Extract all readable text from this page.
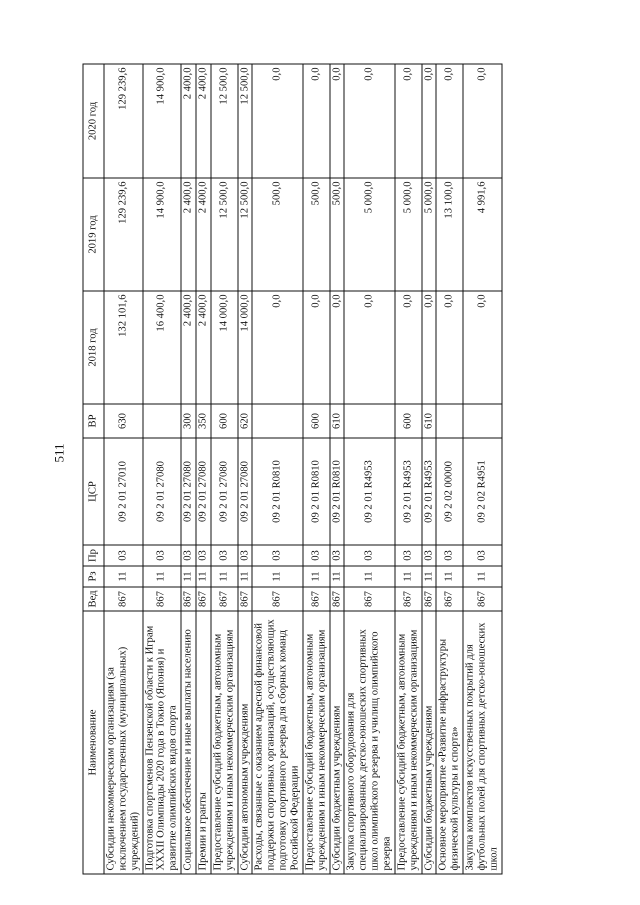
511
Наименование	Вед	Рз	Пр	ЦСР	ВР	2018 год	2019 год	2020 год
Субсидии некоммерческим организациям (за исключением государственных (муниципальных) учреждений)	867	11	03	09 2 01 27010	630	132 101,6	129 239,6	129 239,6
Подготовка спортсменов Пензенской области к Играм XXXII Олимпиады 2020 года в Токио (Япония) и развитие олимпийских видов спорта	867	11	03	09 2 01 27080		16 400,0	14 900,0	14 900,0
Социальное обеспечение и иные выплаты населению	867	11	03	09 2 01 27080	300	2 400,0	2 400,0	2 400,0
Премии и гранты	867	11	03	09 2 01 27080	350	2 400,0	2 400,0	2 400,0
Предоставление субсидий бюджетным, автономным учреждениям и иным некоммерческим организациям	867	11	03	09 2 01 27080	600	14 000,0	12 500,0	12 500,0
Субсидии автономным учреждениям	867	11	03	09 2 01 27080	620	14 000,0	12 500,0	12 500,0
Расходы, связанные с оказанием адресной финансовой поддержки спортивных организаций, осуществляющих подготовку спортивного резерва для сборных команд Российской Федерации	867	11	03	09 2 01 R0810		0,0	500,0	0,0
Предоставление субсидий бюджетным, автономным учреждениям и иным некоммерческим организациям	867	11	03	09 2 01 R0810	600	0,0	500,0	0,0
Субсидии бюджетным учреждениям	867	11	03	09 2 01 R0810	610	0,0	500,0	0,0
Закупка спортивного оборудования для специализированных детско-юношеских спортивных школ олимпийского резерва и училищ олимпийского резерва	867	11	03	09 2 01 R4953		0,0	5 000,0	0,0
Предоставление субсидий бюджетным, автономным учреждениям и иным некоммерческим организациям	867	11	03	09 2 01 R4953	600	0,0	5 000,0	0,0
Субсидии бюджетным учреждениям	867	11	03	09 2 01 R4953	610	0,0	5 000,0	0,0
Основное мероприятие «Развитие инфраструктуры физической культуры и спорта»	867	11	03	09 2 02 00000		0,0	13 100,0	0,0
Закупка комплектов искусственных покрытий для футбольных полей для спортивных детско-юношеских школ	867	11	03	09 2 02 R4951		0,0	4 991,6	0,0
